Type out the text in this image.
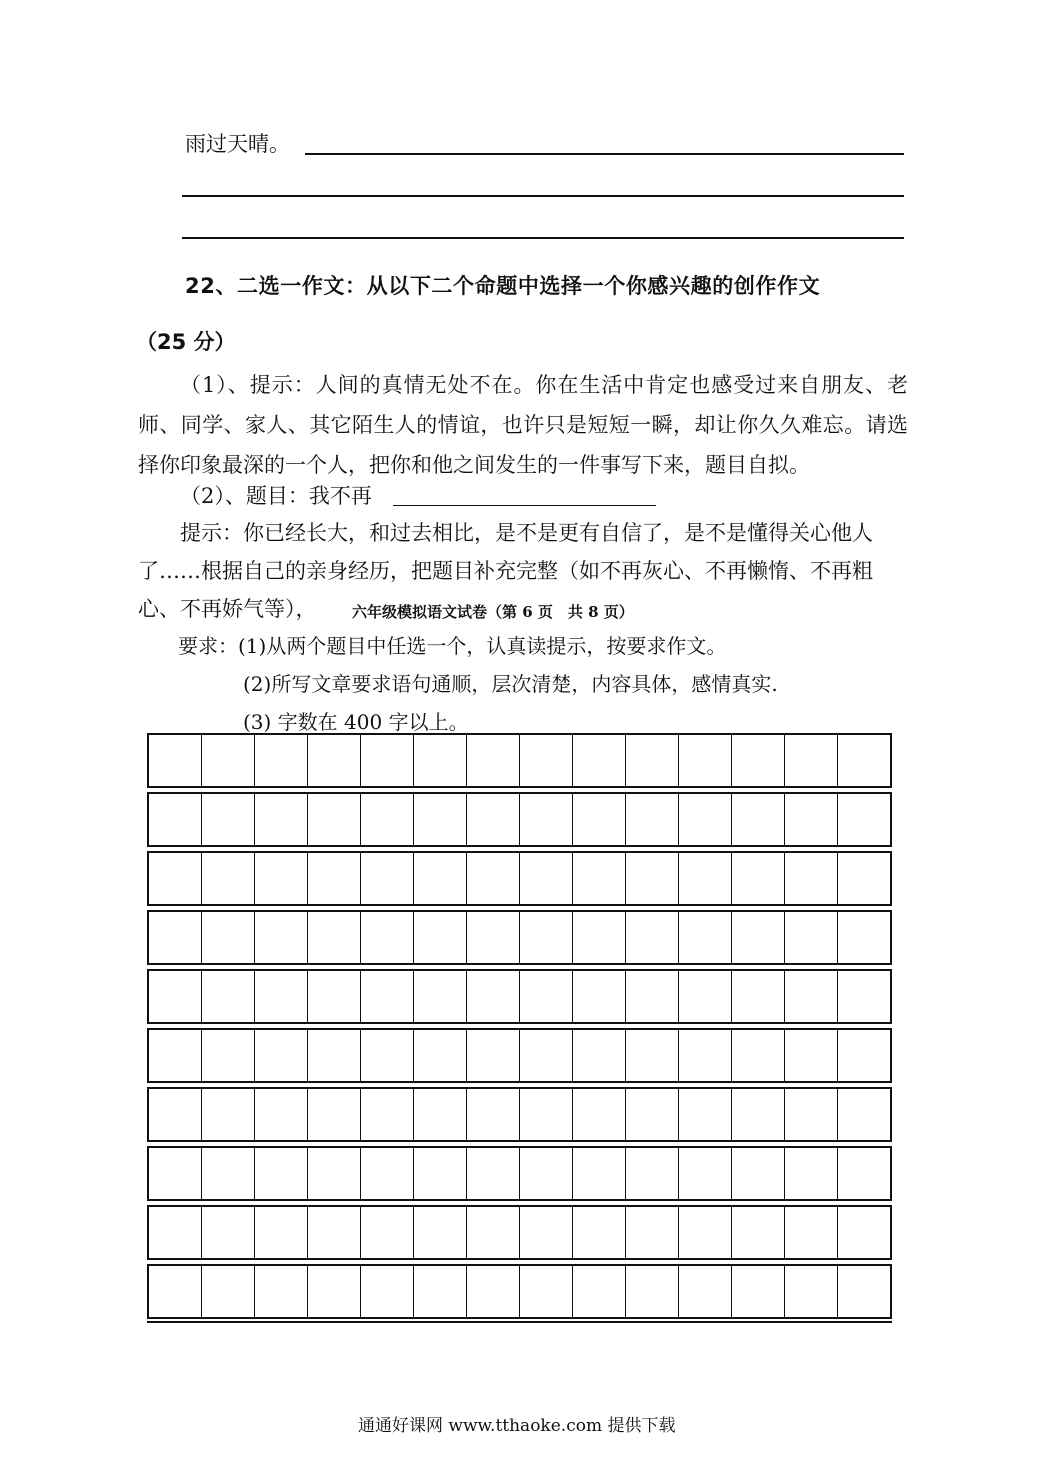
雨过天晴。
22、二选一作文：从以下二个命题中选择一个你感兴趣的创作作文
（25 分）
（1）、提示：人间的真情无处不在。你在生活中肯定也感受过来自朋友、老师、同学、家人、其它陌生人的情谊，也许只是短短一瞬，却让你久久难忘。请选择你印象最深的一个人，把你和他之间发生的一件事写下来，题目自拟。
（2）、题目：我不再
提示：你已经长大，和过去相比，是不是更有自信了，是不是懂得关心他人
了……根据自己的亲身经历，把题目补充完整（如不再灰心、不再懒惰、不再粗
心、不再娇气等）， 六年级模拟语文试卷（第 6 页　共 8 页）
要求：(1)从两个题目中任选一个，认真读提示，按要求作文。
(2)所写文章要求语句通顺，层次清楚，内容具体，感情真实.
(3) 字数在 400 字以上。
通通好课网 www.tthaoke.com 提供下载
